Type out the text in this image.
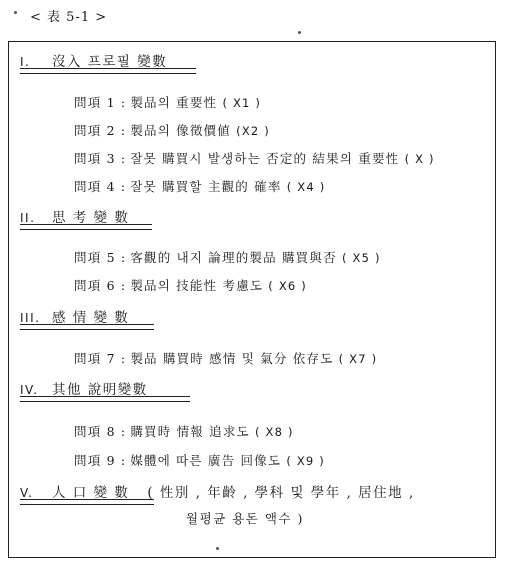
< 表 5-1 >
I. 沒入 프로필 變數
問項 1 : 製品의 重要性 ( X1 )
問項 2 : 製品의 像徵價値 (X2 )
問項 3 : 잘못 購買시 발생하는 否定的 結果의 重要性 ( X )
問項 4 : 잘못 購買할 主觀的 確率 ( X4 )
II. 思 考 變 數
問項 5 : 客觀的 내지 論理的製品 購買與否 ( X5 )
問項 6 : 製品의 技能性 考慮도 ( X6 )
III. 感 情 變 數
問項 7 : 製品 購買時 感情 및 氣分 依存도 ( X7 )
IV. 其他 說明變數
問項 8 : 購買時 情報 追求도 ( X8 )
問項 9 : 媒體에 따른 廣告 回像도 ( X9 )
V. 人 口 變 數 ( 性別 , 年齡 , 學科 및 學年 , 居住地 ,
월평균 용돈 액수 )
